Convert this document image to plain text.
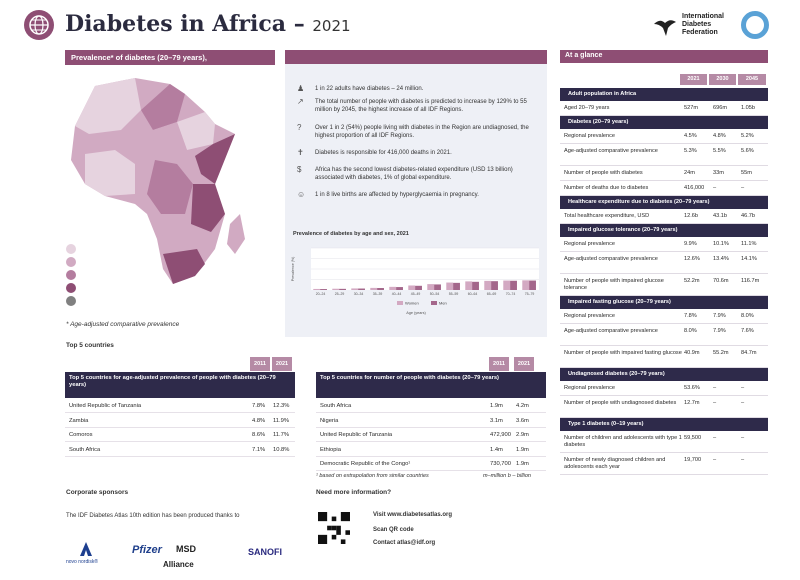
Diabetes in Africa – 2021
International
Diabetes
Federation
Prevalence* of diabetes (20–79 years),
* Age-adjusted comparative prevalence
♟ 1 in 22 adults have diabetes – 24 million.
↗ The total number of people with diabetes is predicted to increase by 129% to 55 million by 2045, the highest increase of all IDF Regions.
? Over 1 in 2 (54%) people living with diabetes in the Region are undiagnosed, the highest proportion of all IDF Regions.
✝ Diabetes is responsible for 416,000 deaths in 2021.
$ Africa has the second lowest diabetes-related expenditure (USD 13 billion) associated with diabetes, 1% of global expenditure.
☺ 1 in 8 live births are affected by hyperglycaemia in pregnancy.
Prevalence of diabetes by age and sex, 2021
Prevalence (%)
20–24	25–29	30–34	35–39	40–44	45–49	50–54	55–59	60–64	65–69	70–74	75–79
Women	Men
Age (years)
At a glance
2021	2030	2045
Adult population in Africa
Aged 20–79 years	527m	696m	1.05b
Diabetes (20–79 years)
Regional prevalence	4.5%	4.8%	5.2%
Age-adjusted comparative prevalence	5.3%	5.5%	5.6%
Number of people with diabetes	24m	33m	55m
Number of deaths due to diabetes	416,000	–	–
Healthcare expenditure due to diabetes (20–79 years)
Total healthcare expenditure, USD	12.6b	43.1b	46.7b
Impaired glucose tolerance (20–79 years)
Regional prevalence	9.9%	10.1%	11.1%
Age-adjusted comparative prevalence	12.6%	13.4%	14.1%
Number of people with impaired glucose tolerance
52.2m	70.6m	116.7m
Impaired fasting glucose (20–79 years)
Regional prevalence	7.8%	7.9%	8.0%
Age-adjusted comparative prevalence	8.0%	7.9%	7.6%
Number of people with impaired fasting glucose 40.9m	55.2m	84.7m
Undiagnosed diabetes (20–79 years)
Regional prevalence	53.6%	–	–
Number of people with undiagnosed diabetes	12.7m	–	–
Type 1 diabetes (0–19 years)
Number of children and adolescents with type 1 diabetes
59,500	–	–
Number of newly diagnosed children and adolescents each year
19,700	–	–
Top 5 countries
2011	2021
Top 5 countries for age-adjusted prevalence of people with diabetes (20–79 years)
United Republic of Tanzania	7.8% 12.3%
Zambia	4.8% 11.9%
Comoros	8.6% 11.7%
South Africa	7.1% 10.8%
2011	2021
Top 5 countries for number of people with diabetes (20–79 years)
South Africa	1.9m 4.2m
Nigeria	3.1m 3.6m
United Republic of Tanzania	472,900 2.9m
Ethiopia	1.4m 1.9m
Democratic Republic of the Congo¹	730,700 1.9m
¹ based on extrapolation from similar countries	m–million b – billion
Corporate sponsors
The IDF Diabetes Atlas 10th edition has been produced thanks to
novo nordisk®
Pfizer MSD
Alliance
SANOFI
Need more information?
Visit www.diabetesatlas.org
Scan QR code
Contact atlas@idf.org
